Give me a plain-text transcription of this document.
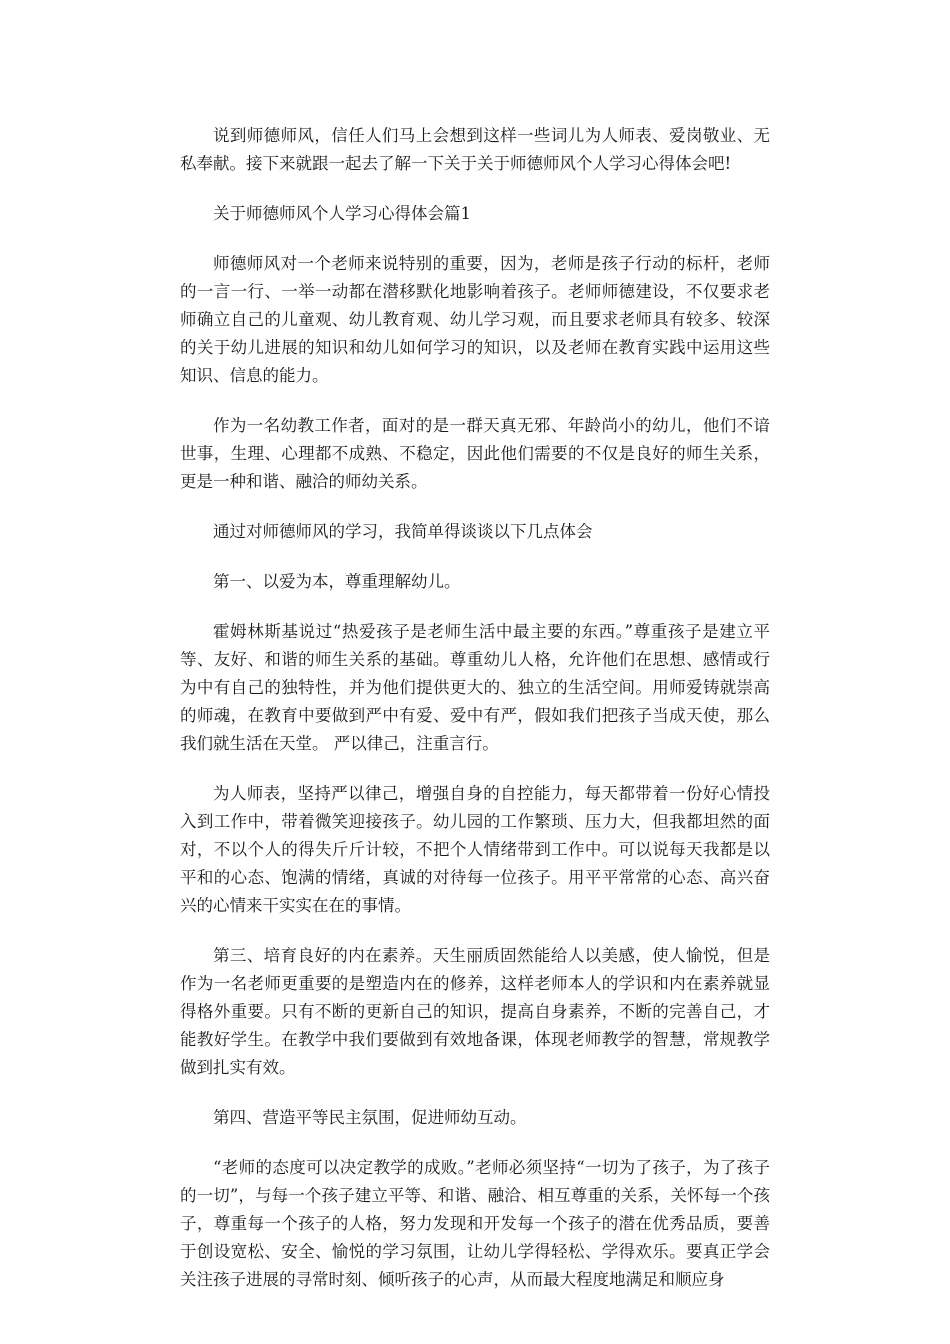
说到师德师风，信任人们马上会想到这样一些词儿为人师表、爱岗敬业、无私奉献。接下来就跟一起去了解一下关于关于师德师风个人学习心得体会吧!

关于师德师风个人学习心得体会篇1

师德师风对一个老师来说特别的重要，因为，老师是孩子行动的标杆，老师的一言一行、一举一动都在潜移默化地影响着孩子。老师师德建设，不仅要求老师确立自己的儿童观、幼儿教育观、幼儿学习观，而且要求老师具有较多、较深的关于幼儿进展的知识和幼儿如何学习的知识，以及老师在教育实践中运用这些知识、信息的能力。

作为一名幼教工作者，面对的是一群天真无邪、年龄尚小的幼儿，他们不谙世事，生理、心理都不成熟、不稳定，因此他们需要的不仅是良好的师生关系，更是一种和谐、融洽的师幼关系。

通过对师德师风的学习，我简单得谈谈以下几点体会

第一、以爱为本，尊重理解幼儿。

霍姆林斯基说过“热爱孩子是老师生活中最主要的东西。”尊重孩子是建立平等、友好、和谐的师生关系的基础。尊重幼儿人格，允许他们在思想、感情或行为中有自己的独特性，并为他们提供更大的、独立的生活空间。用师爱铸就崇高的师魂，在教育中要做到严中有爱、爱中有严，假如我们把孩子当成天使，那么我们就生活在天堂。 严以律己，注重言行。

为人师表，坚持严以律己，增强自身的自控能力，每天都带着一份好心情投入到工作中，带着微笑迎接孩子。幼儿园的工作繁琐、压力大，但我都坦然的面对，不以个人的得失斤斤计较，不把个人情绪带到工作中。可以说每天我都是以平和的心态、饱满的情绪，真诚的对待每一位孩子。用平平常常的心态、高兴奋兴的心情来干实实在在的事情。

第三、培育良好的内在素养。天生丽质固然能给人以美感，使人愉悦，但是作为一名老师更重要的是塑造内在的修养，这样老师本人的学识和内在素养就显得格外重要。只有不断的更新自己的知识，提高自身素养，不断的完善自己，才能教好学生。在教学中我们要做到有效地备课，体现老师教学的智慧，常规教学做到扎实有效。

第四、营造平等民主氛围，促进师幼互动。

“老师的态度可以决定教学的成败。”老师必须坚持“一切为了孩子，为了孩子的一切”，与每一个孩子建立平等、和谐、融洽、相互尊重的关系，关怀每一个孩子，尊重每一个孩子的人格，努力发现和开发每一个孩子的潜在优秀品质，要善于创设宽松、安全、愉悦的学习氛围，让幼儿学得轻松、学得欢乐。要真正学会关注孩子进展的寻常时刻、倾听孩子的心声，从而最大程度地满足和顺应身
